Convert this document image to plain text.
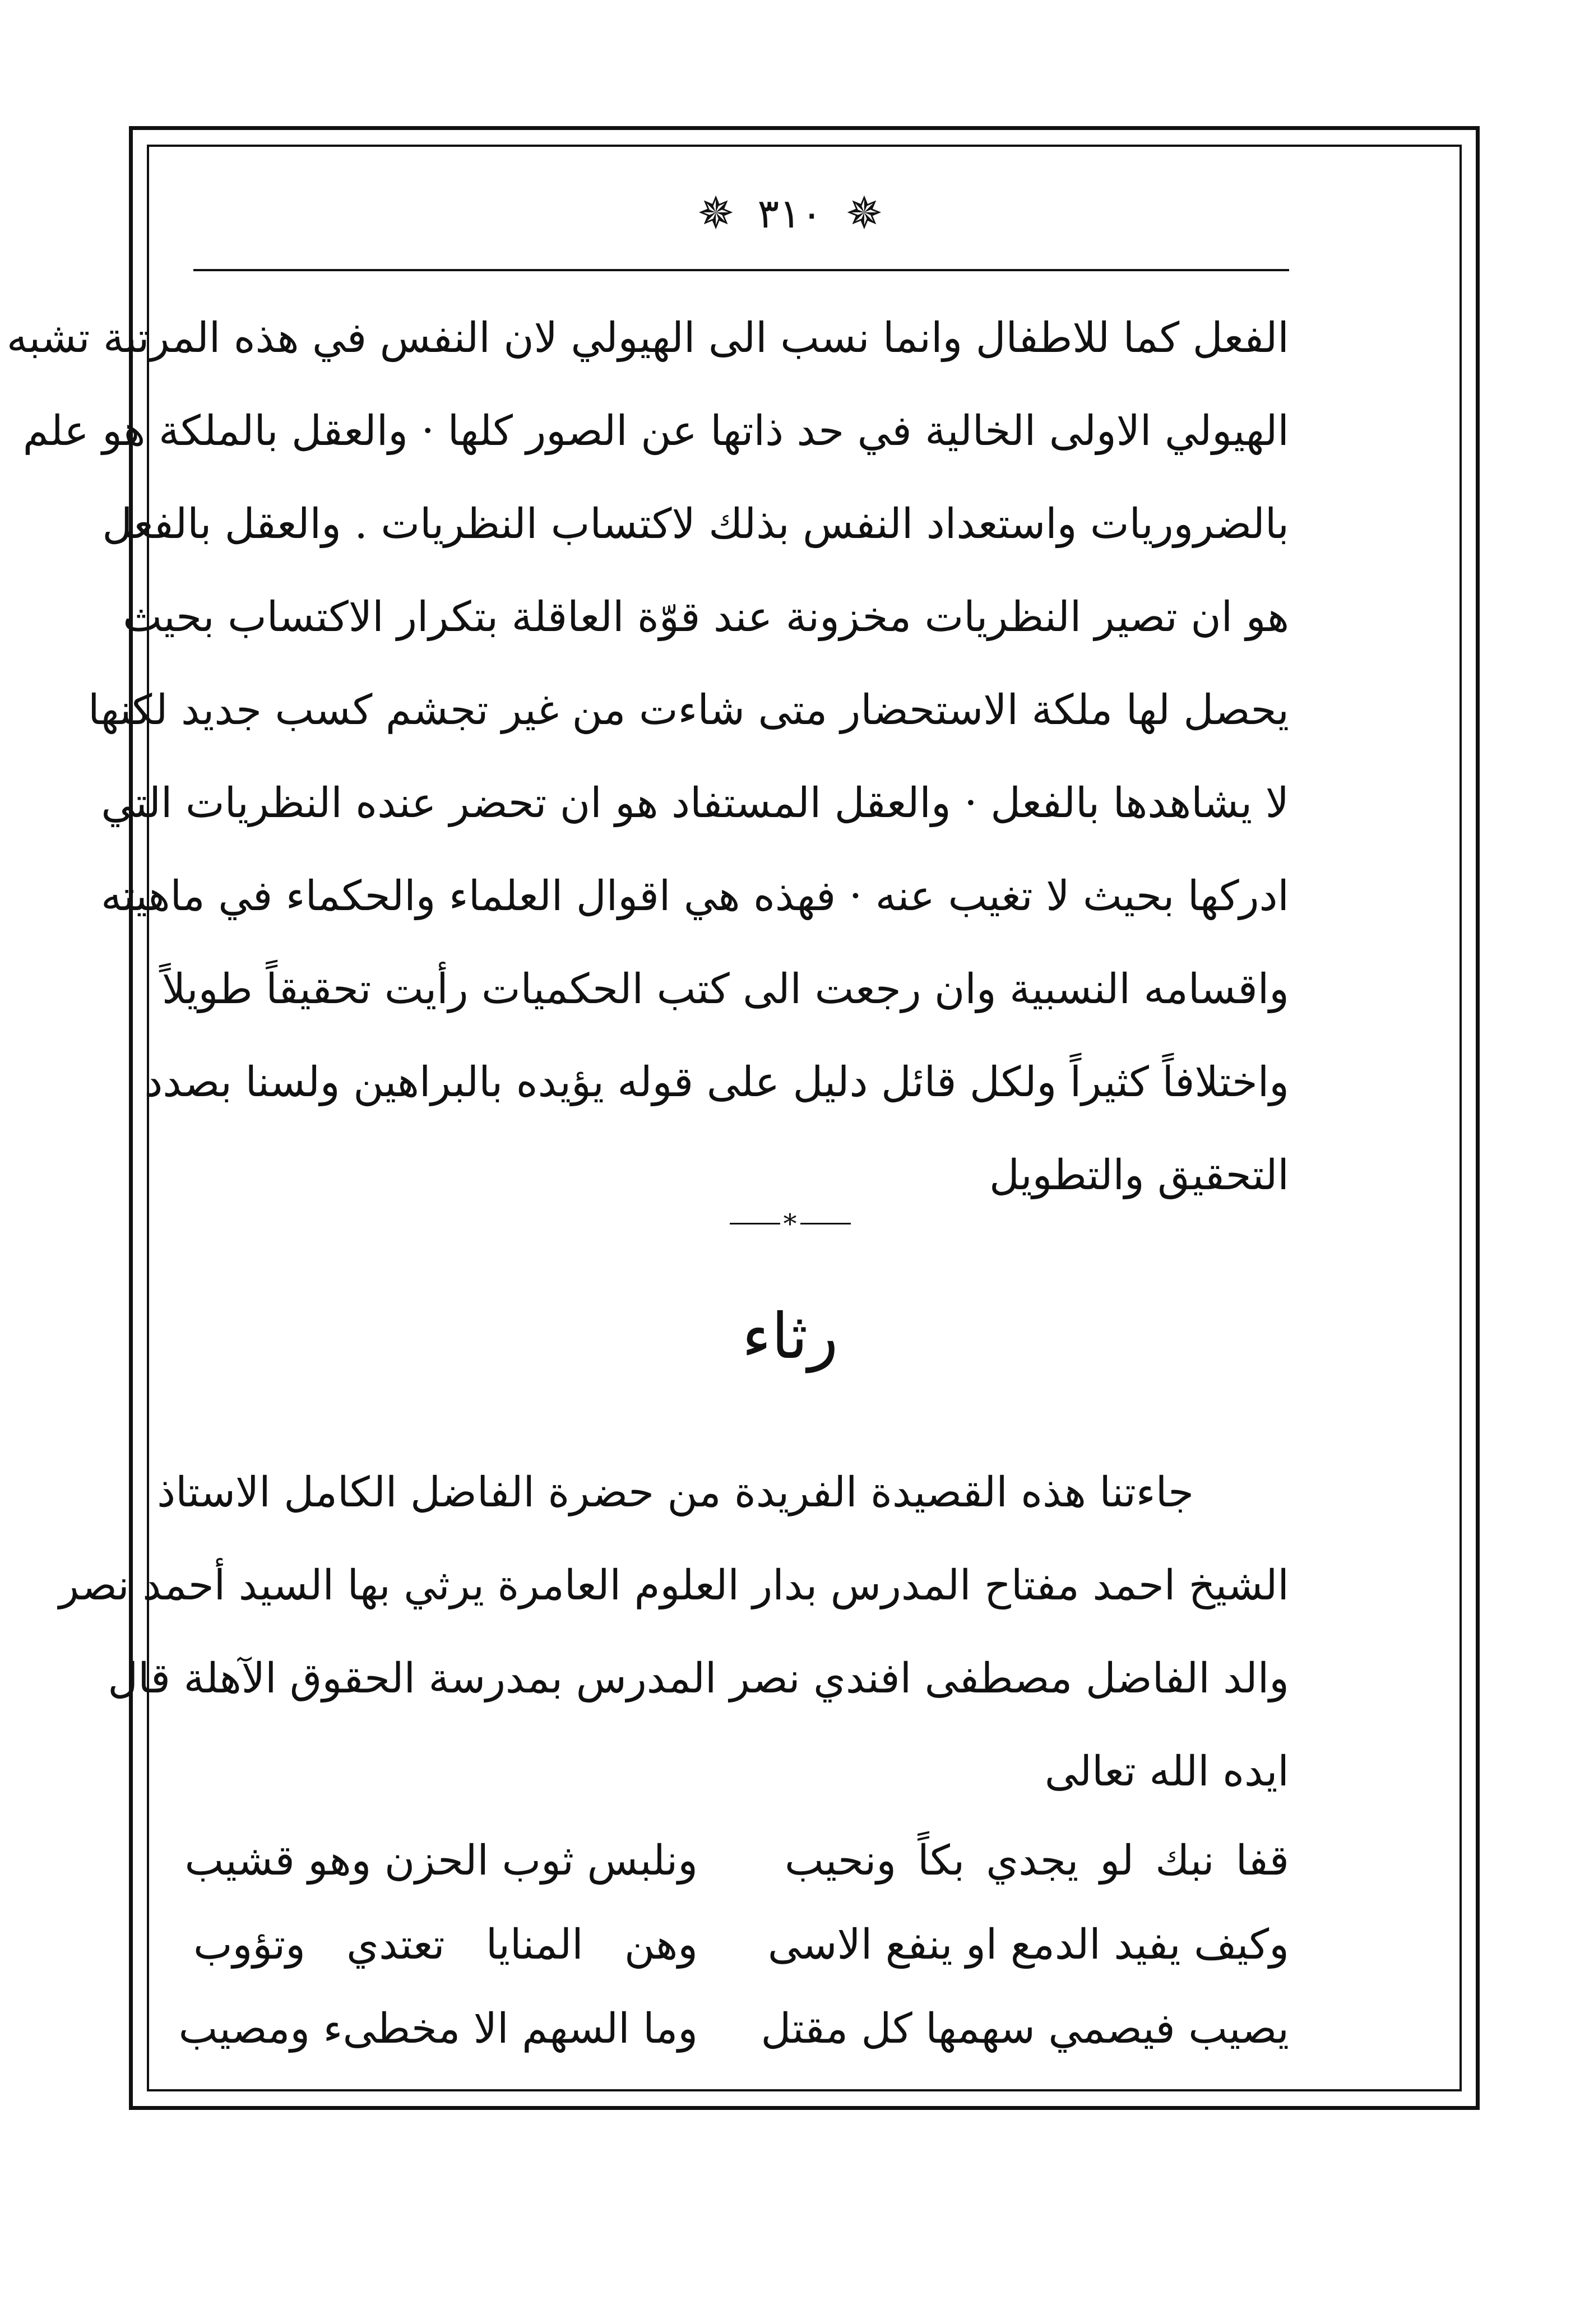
✵ ٣١٠ ✵
الفعل كما للاطفال وانما نسب الى الهيولي لان النفس في هذه المرتبة تشبه
الهيولي الاولى الخالية في حد ذاتها عن الصور كلها · والعقل بالملكة هو علم
بالضروريات واستعداد النفس بذلك لاكتساب النظريات . والعقل بالفعل
هو ان تصير النظريات مخزونة عند قوّة العاقلة بتكرار الاكتساب بحيث
يحصل لها ملكة الاستحضار متى شاءت من غير تجشم كسب جديد لكنها
لا يشاهدها بالفعل · والعقل المستفاد هو ان تحضر عنده النظريات التي
ادركها بحيث لا تغيب عنه · فهذه هي اقوال العلماء والحكماء في ماهيته
واقسامه النسبية وان رجعت الى كتب الحكميات رأيت تحقيقاً طويلاً
واختلافاً كثيراً ولكل قائل دليل على قوله يؤيده بالبراهين ولسنا بصدد
التحقيق والتطويل
*
رثاء
جاءتنا هذه القصيدة الفريدة من حضرة الفاضل الكامل الاستاذ
الشيخ احمد مفتاح المدرس بدار العلوم العامرة يرثي بها السيد أحمد نصر
والد الفاضل مصطفى افندي نصر المدرس بمدرسة الحقوق الآهلة قال
ايده الله تعالى
قفا نبك لو يجدي بكاً ونحيب
ونلبس ثوب الحزن وهو قشيب
وكيف يفيد الدمع او ينفع الاسى
وهن المنايا تعتدي وتؤوب
يصيب فيصمي سهمها كل مقتل
وما السهم الا مخطىء ومصيب
